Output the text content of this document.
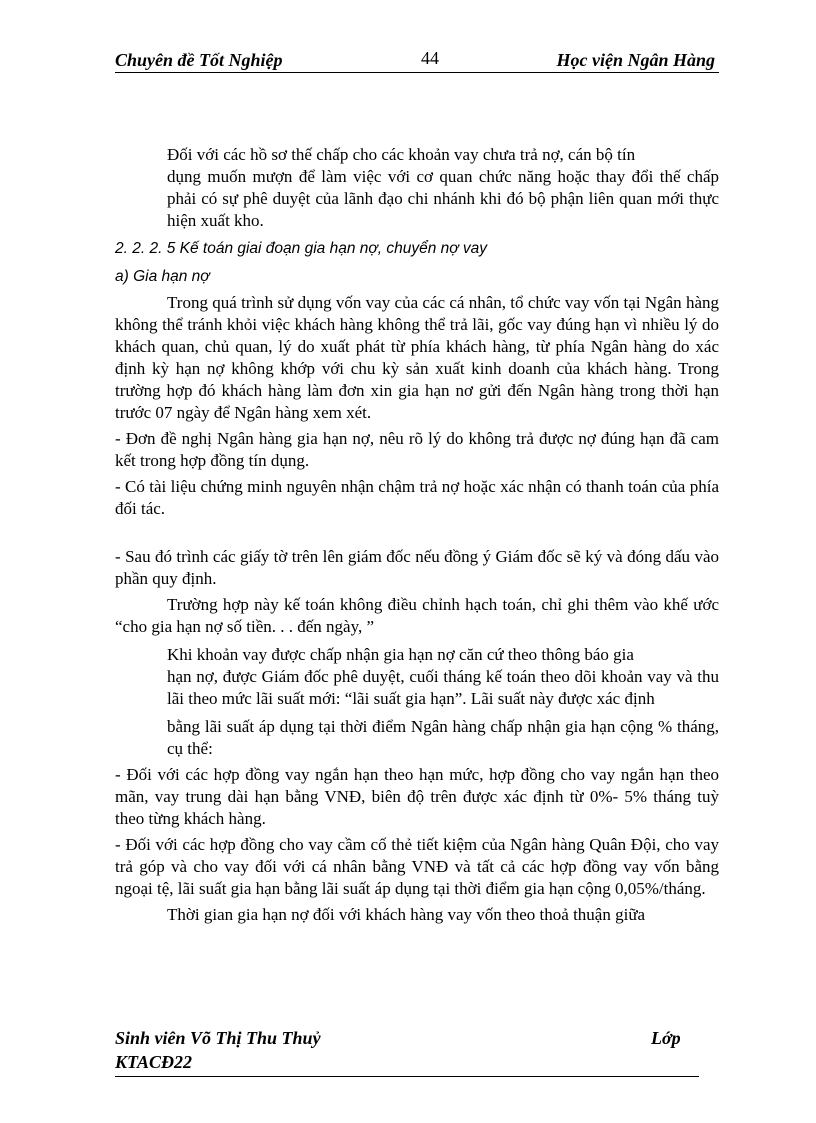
Chuyên đề Tốt Nghiệp	44	Học viện Ngân Hàng

Đối với các hồ sơ thế chấp cho các khoản vay chưa trả nợ, cán bộ tín

dụng muốn mượn để làm việc với cơ quan chức năng hoặc thay đổi thế chấp phải có sự phê duyệt của lãnh đạo chi nhánh khi đó bộ phận liên quan mới thực hiện xuất kho.

2. 2. 2. 5 Kế toán giai đoạn gia hạn nợ, chuyển nợ vay

a) Gia hạn nợ

Trong quá trình sử dụng vốn vay của các cá nhân, tổ chức vay vốn tại Ngân hàng không thể tránh khỏi việc khách hàng không thể trả lãi, gốc vay đúng hạn vì nhiều lý do khách quan, chủ quan, lý do xuất phát từ phía khách hàng, từ phía Ngân hàng do xác định kỳ hạn nợ không khớp với chu kỳ sản xuất kinh doanh của khách hàng. Trong trường hợp đó khách hàng làm đơn xin gia hạn nơ gửi đến Ngân hàng trong thời hạn trước 07 ngày để Ngân hàng xem xét.

- Đơn đề nghị Ngân hàng gia hạn nợ, nêu rõ lý do không trả được nợ đúng hạn đã cam kết trong hợp đồng tín dụng.

- Có tài liệu chứng minh nguyên nhận chậm trả nợ hoặc xác nhận có thanh toán của phía đối tác.

- Sau đó trình các giấy tờ trên lên giám đốc nếu đồng ý Giám đốc sẽ ký và đóng dấu vào phần quy định.

Trường hợp này kế toán không điều chỉnh hạch toán, chỉ ghi thêm vào khế ước “cho gia hạn nợ số tiền. . . đến ngày, ”

Khi khoản vay được chấp nhận gia hạn nợ căn cứ theo thông báo gia

hạn nợ, được Giám đốc phê duyệt, cuối tháng kế toán theo dõi khoản vay và thu lãi theo mức lãi suất mới: “lãi suất gia hạn”. Lãi suất này được xác định

bằng lãi suất áp dụng tại thời điểm Ngân hàng chấp nhận gia hạn cộng % tháng, cụ thể:

- Đối với các hợp đồng vay ngắn hạn theo hạn mức, hợp đồng cho vay ngắn hạn theo mãn, vay trung dài hạn bằng VNĐ, biên độ trên được xác định từ 0%- 5% tháng tuỳ theo từng khách hàng.

- Đối với các hợp đồng cho vay cầm cố thẻ tiết kiệm của Ngân hàng Quân Đội, cho vay trả góp và cho vay đối với cá nhân bằng VNĐ và tất cả các hợp đồng vay vốn bằng ngoại tệ, lãi suất gia hạn bằng lãi suất áp dụng tại thời điểm gia hạn cộng 0,05%/tháng.

Thời gian gia hạn nợ đối với khách hàng vay vốn theo thoả thuận giữa

Sinh viên Võ Thị Thu Thuỷ	Lớp
KTACĐ22
